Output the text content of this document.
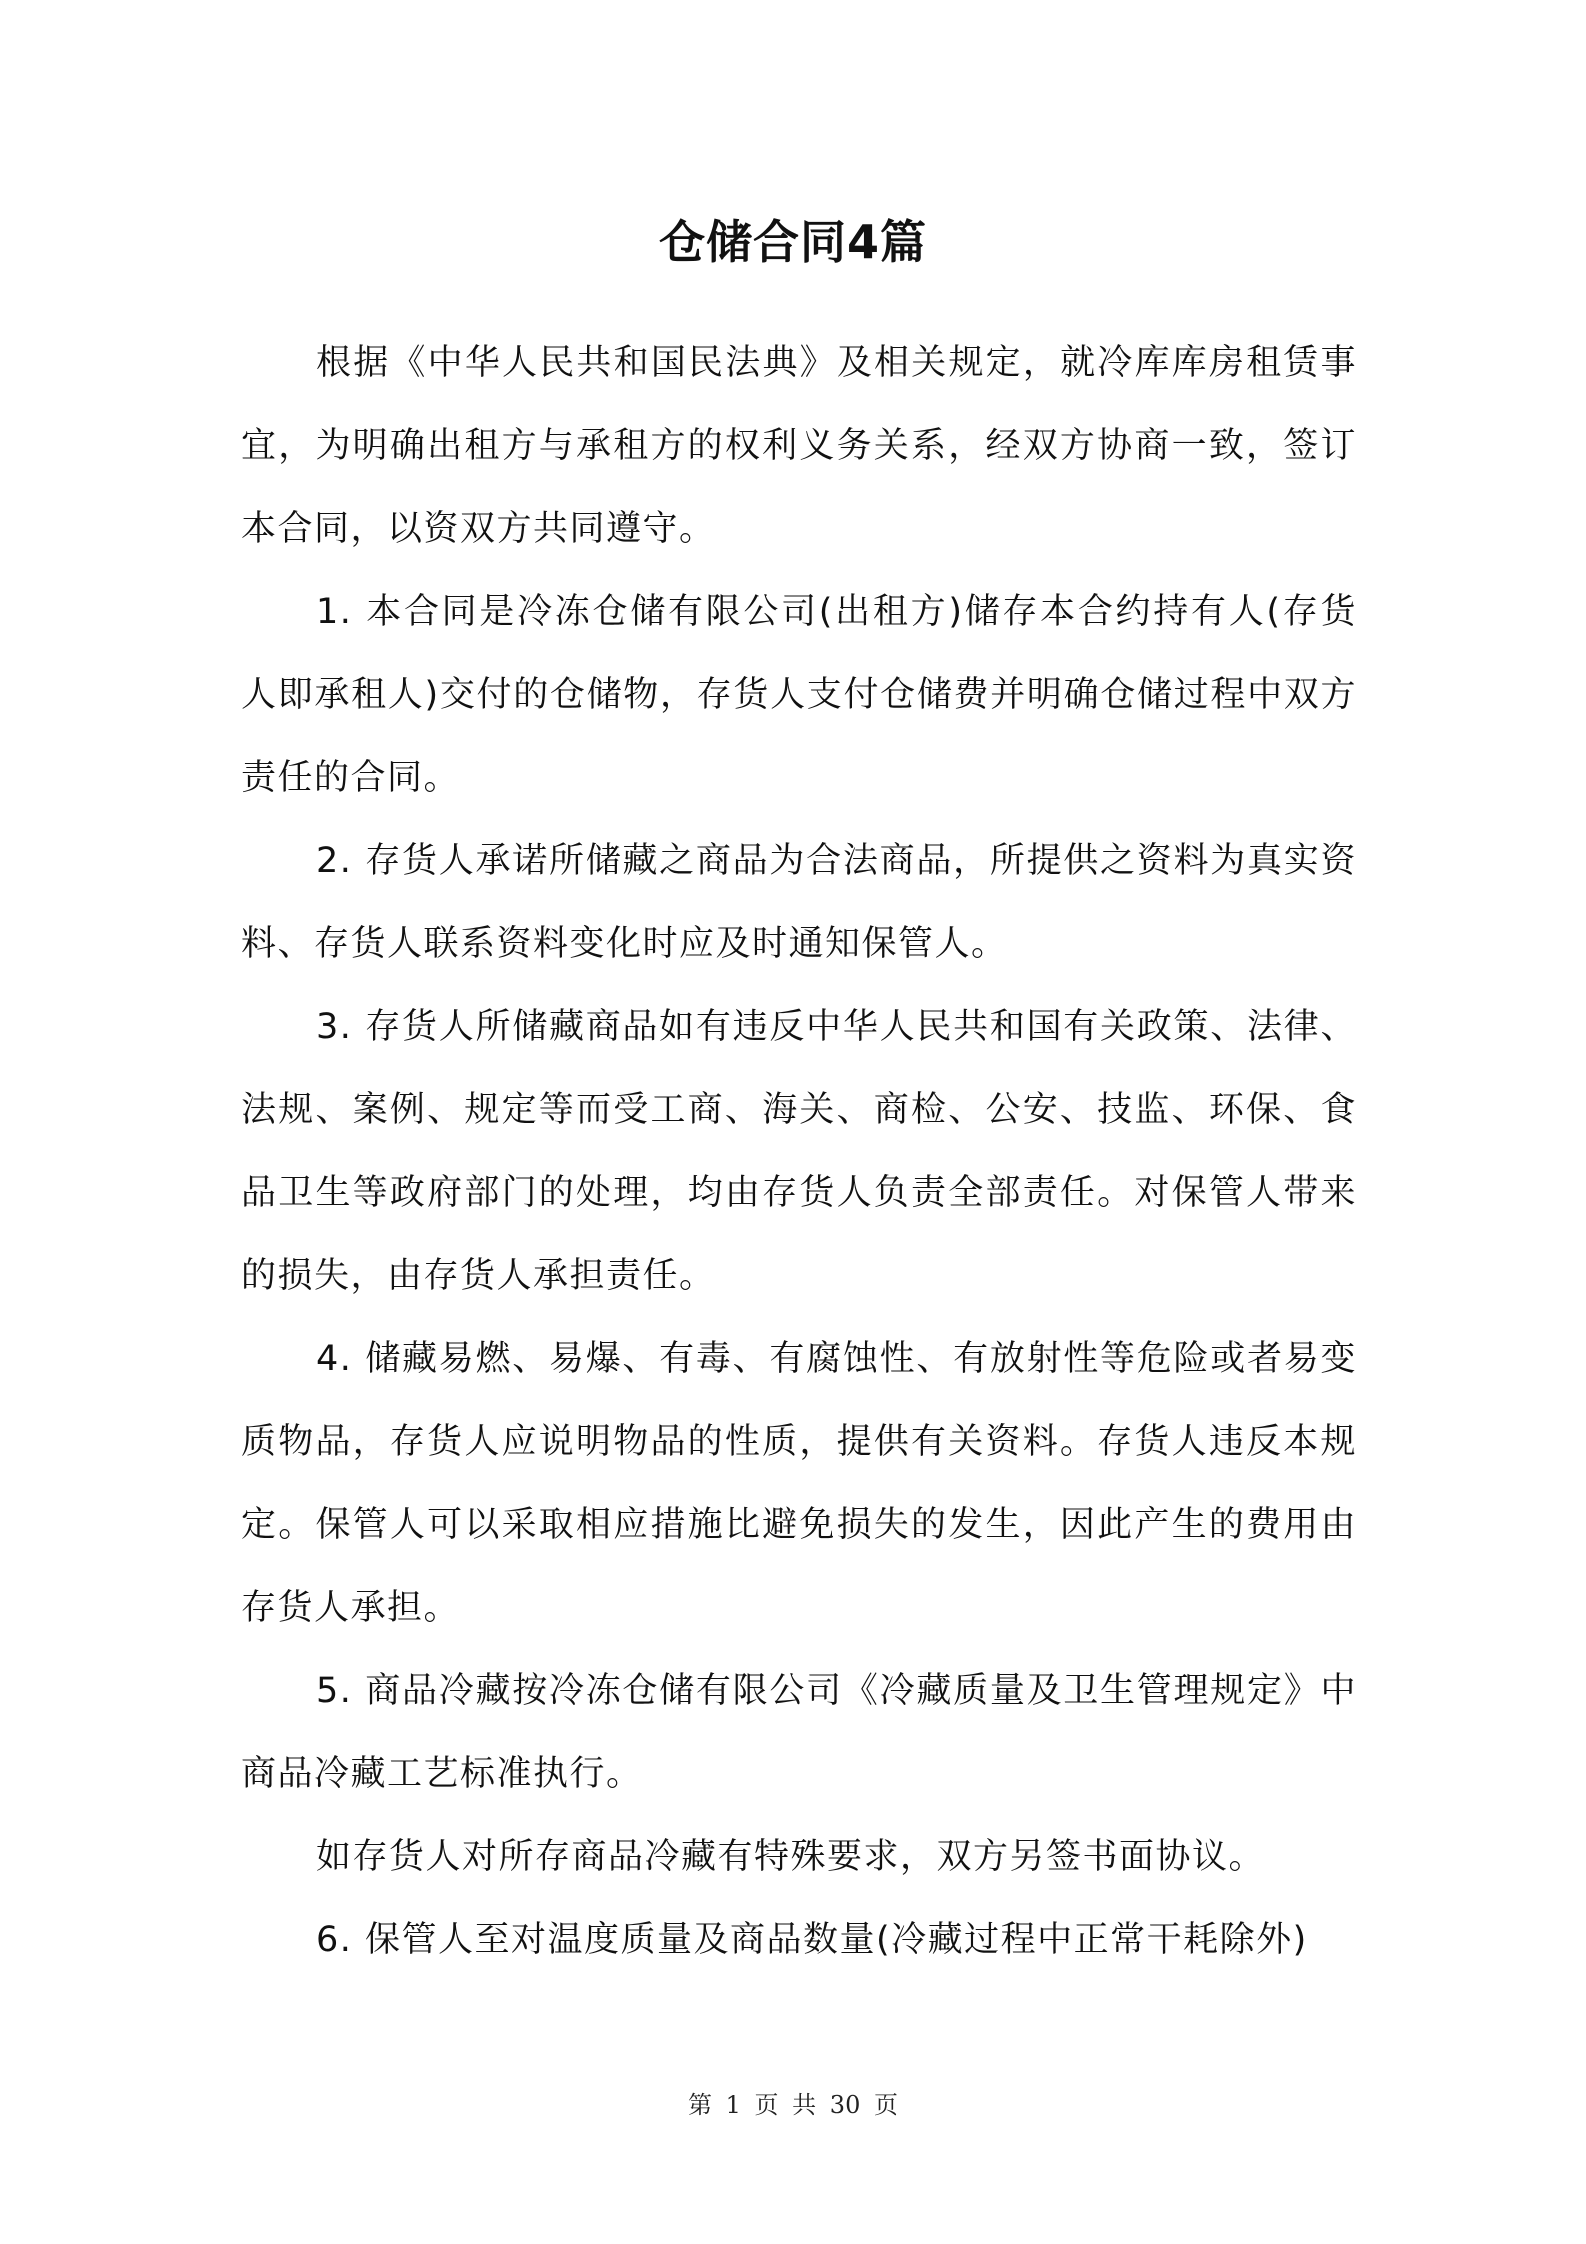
仓储合同4篇

根据《中华人民共和国民法典》及相关规定，就冷库库房租赁事宜，为明确出租方与承租方的权利义务关系，经双方协商一致，签订本合同，以资双方共同遵守。

1. 本合同是冷冻仓储有限公司(出租方)储存本合约持有人(存货人即承租人)交付的仓储物，存货人支付仓储费并明确仓储过程中双方责任的合同。

2. 存货人承诺所储藏之商品为合法商品，所提供之资料为真实资料、存货人联系资料变化时应及时通知保管人。

3. 存货人所储藏商品如有违反中华人民共和国有关政策、法律、法规、案例、规定等而受工商、海关、商检、公安、技监、环保、食品卫生等政府部门的处理，均由存货人负责全部责任。对保管人带来的损失，由存货人承担责任。

4. 储藏易燃、易爆、有毒、有腐蚀性、有放射性等危险或者易变质物品，存货人应说明物品的性质，提供有关资料。存货人违反本规定。保管人可以采取相应措施比避免损失的发生，因此产生的费用由存货人承担。

5. 商品冷藏按冷冻仓储有限公司《冷藏质量及卫生管理规定》中商品冷藏工艺标准执行。

如存货人对所存商品冷藏有特殊要求，双方另签书面协议。

6. 保管人至对温度质量及商品数量(冷藏过程中正常干耗除外)

第 1 页 共 30 页
